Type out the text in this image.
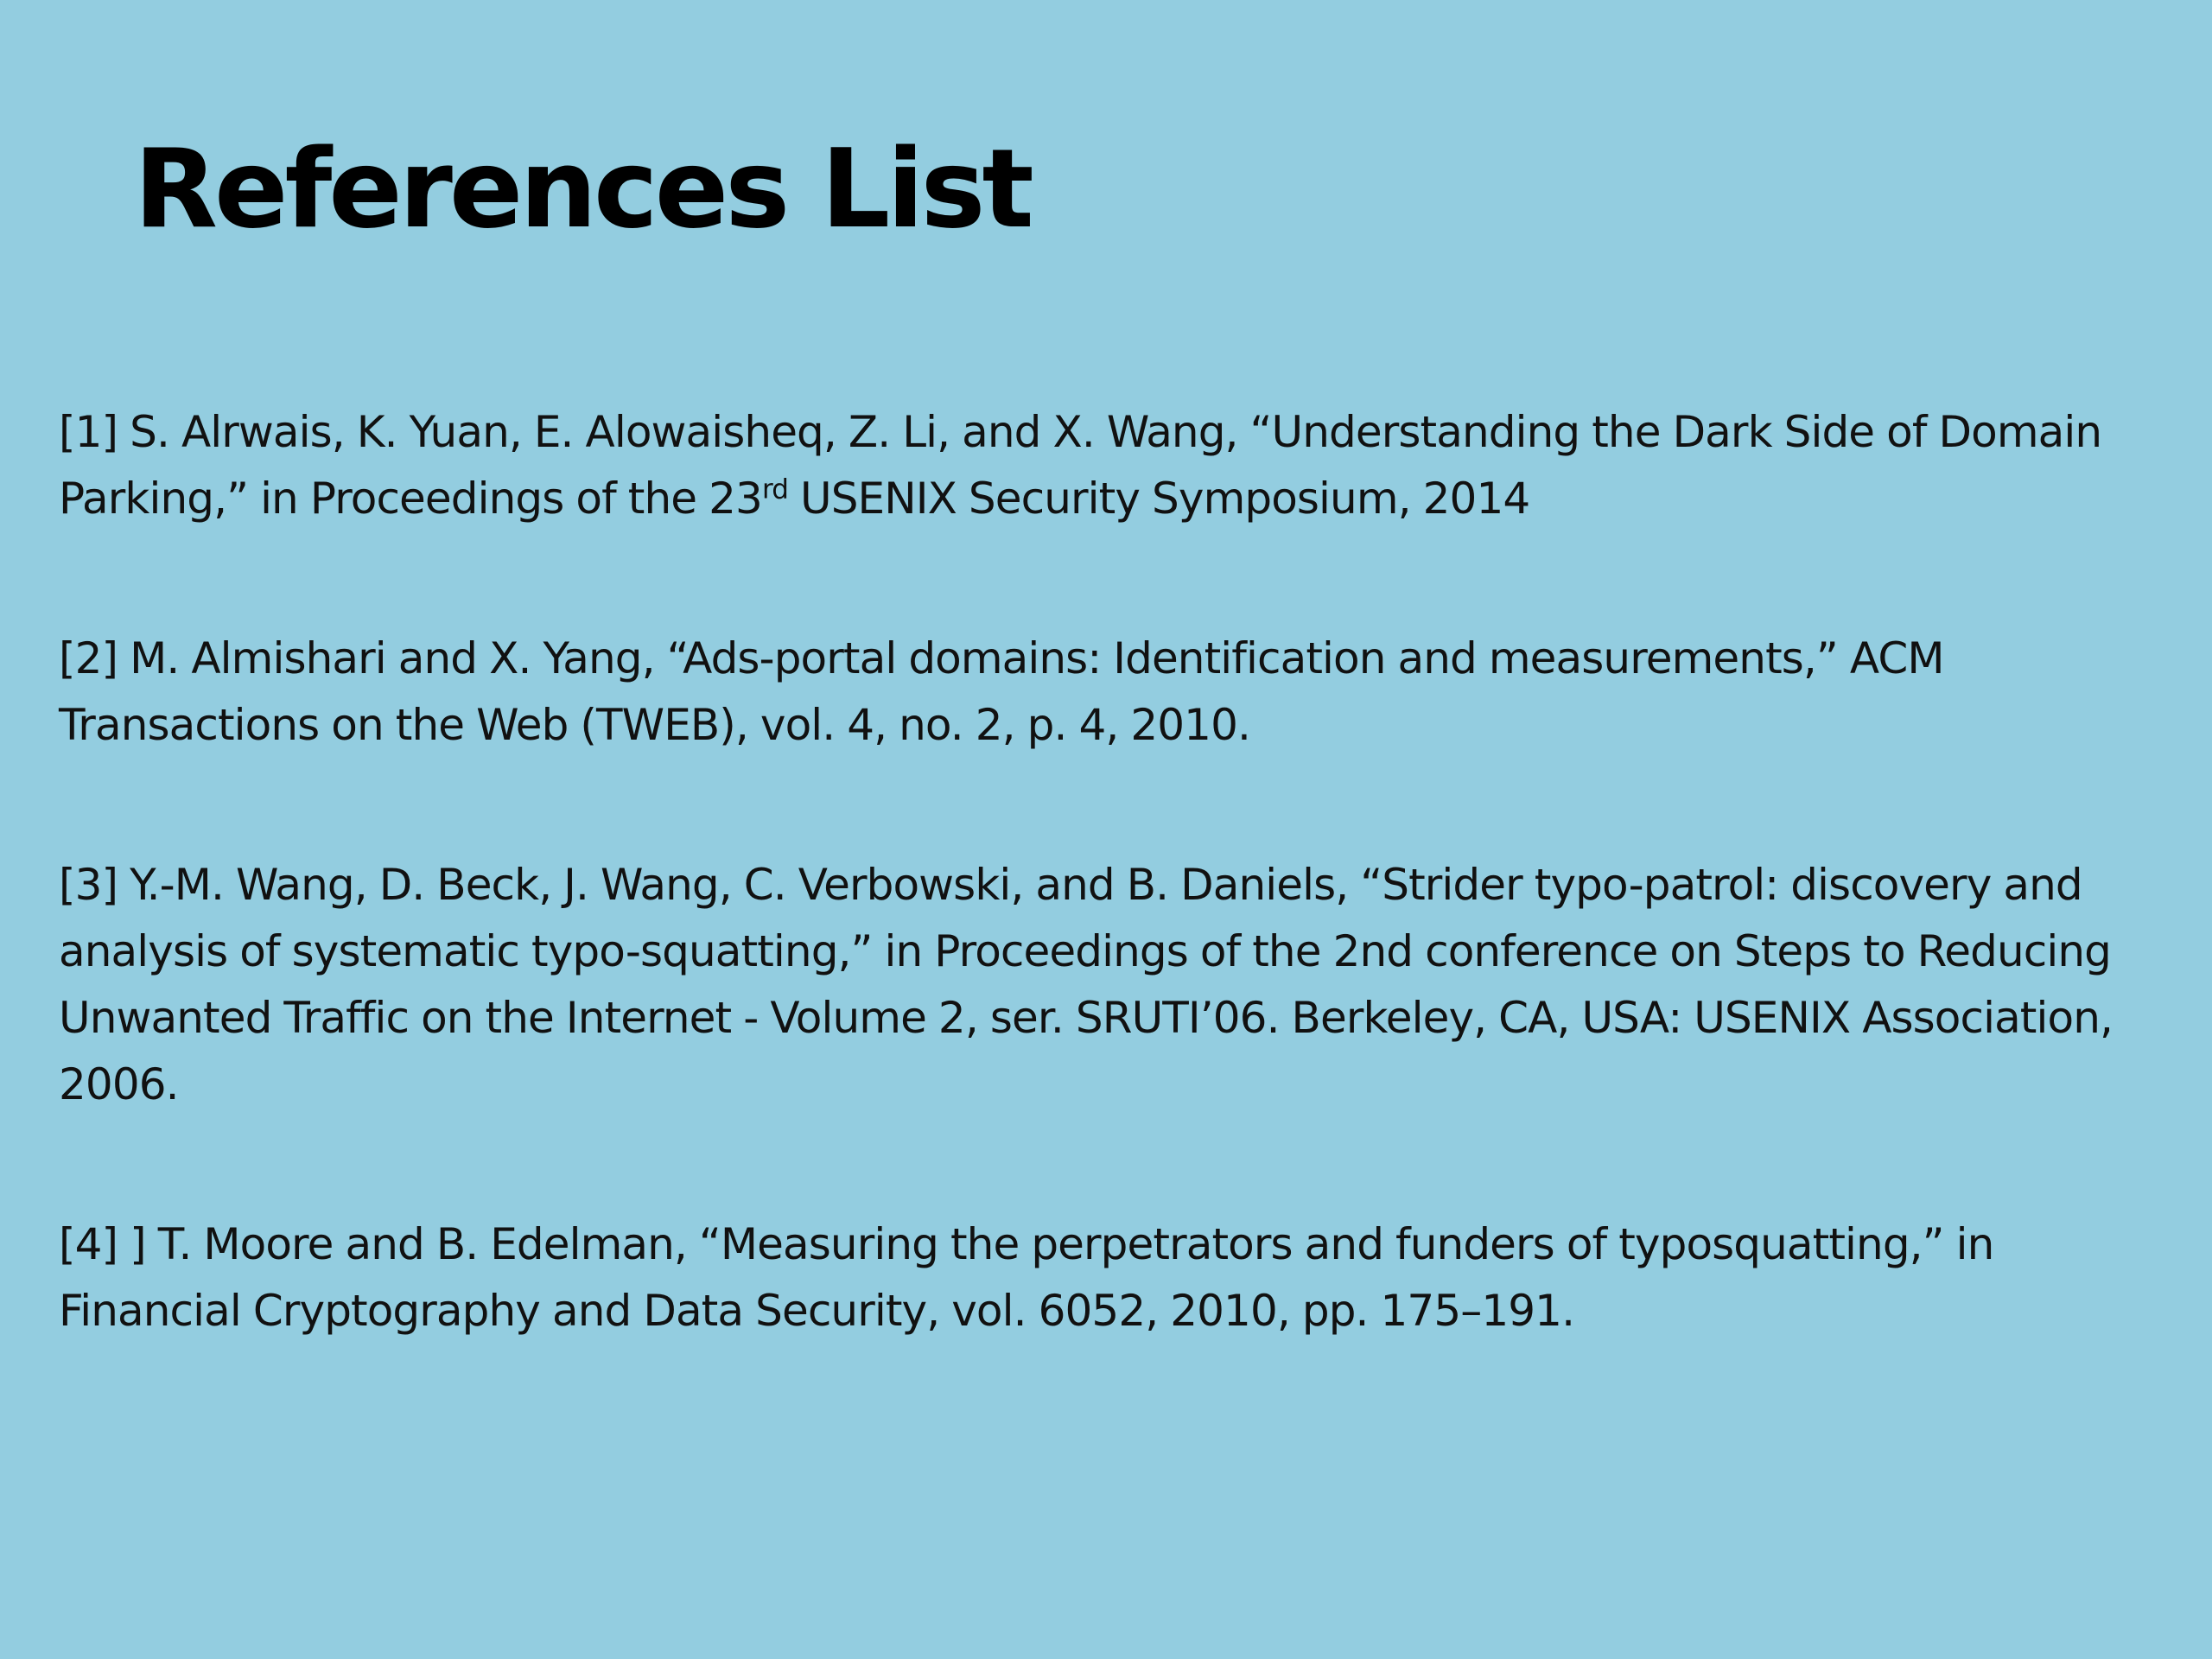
References List
[1] S. Alrwais, K. Yuan, E. Alowaisheq, Z. Li, and X. Wang, “Understanding the Dark Side of Domain Parking,” in Proceedings of the 23rd USENIX Security Symposium, 2014
[2] M. Almishari and X. Yang, “Ads-portal domains: Identification and measurements,” ACM Transactions on the Web (TWEB), vol. 4, no. 2, p. 4, 2010.
[3] Y.-M. Wang, D. Beck, J. Wang, C. Verbowski, and B. Daniels, “Strider typo-patrol: discovery and analysis of systematic typo-squatting,” in Proceedings of the 2nd conference on Steps to Reducing Unwanted Traffic on the Internet - Volume 2, ser. SRUTI’06. Berkeley, CA, USA: USENIX Association, 2006.
[4] ] T. Moore and B. Edelman, “Measuring the perpetrators and funders of typosquatting,” in Financial Cryptography and Data Security, vol. 6052, 2010, pp. 175–191.
